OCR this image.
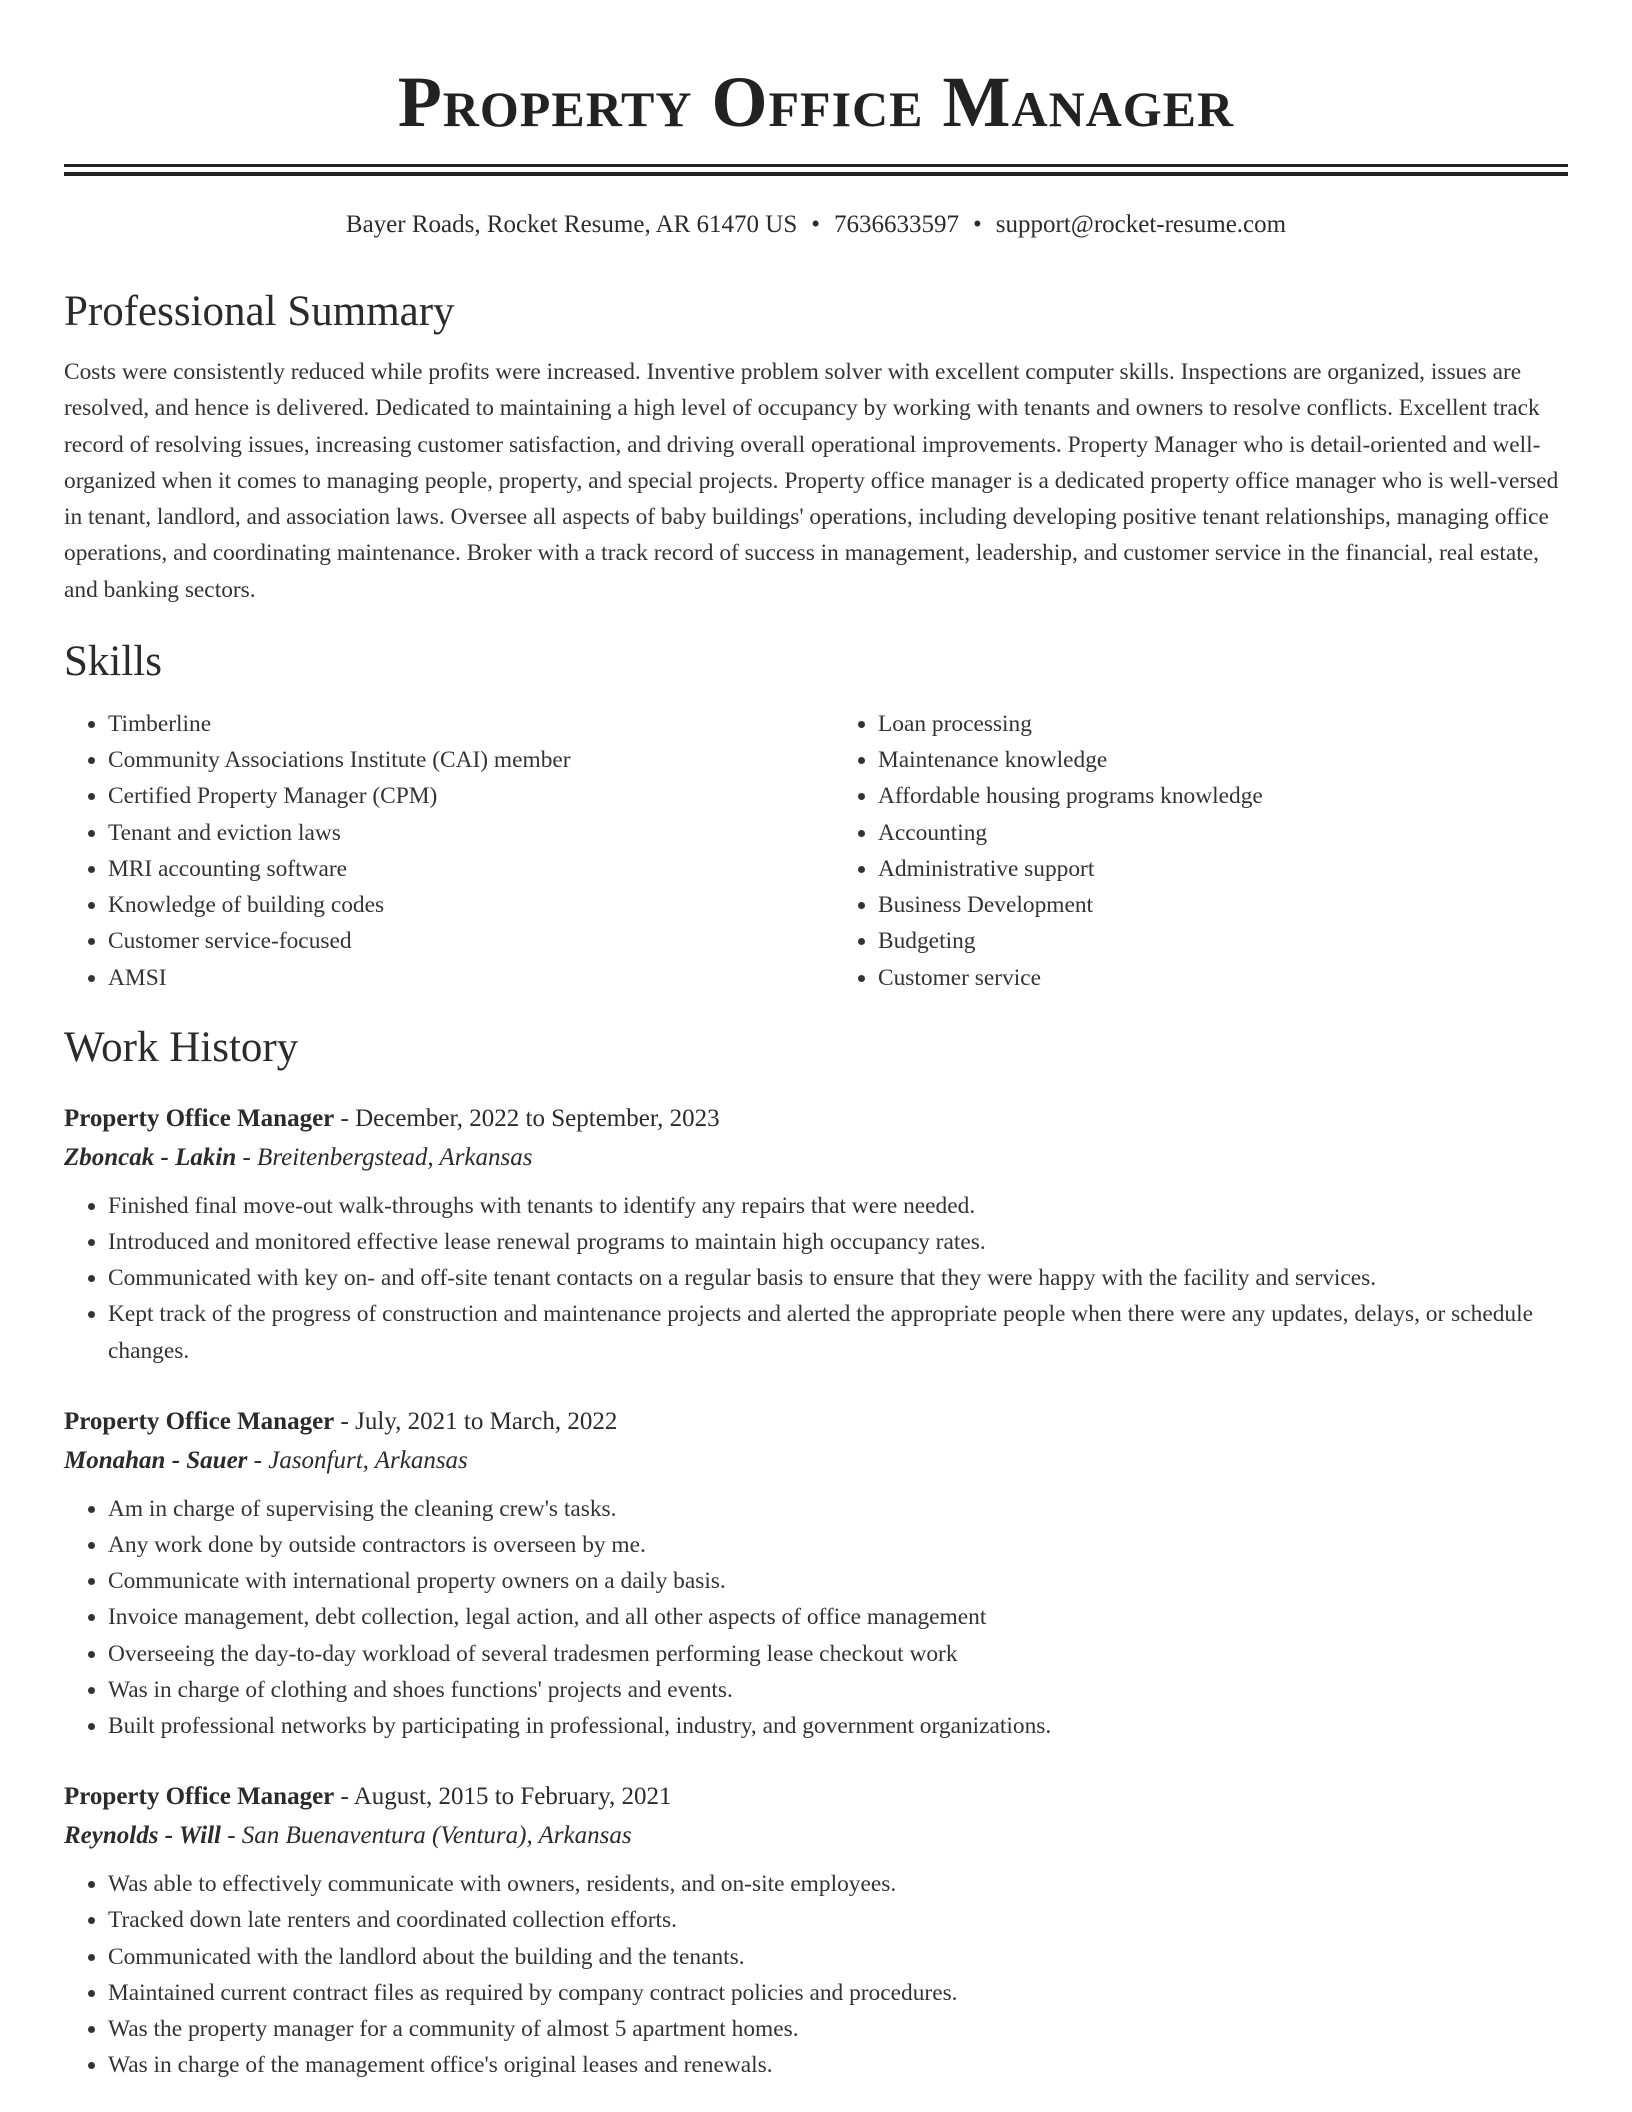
Property Office Manager
Bayer Roads, Rocket Resume, AR 61470 US • 7636633597 • support@rocket-resume.com
Professional Summary

Costs were consistently reduced while profits were increased. Inventive problem solver with excellent computer skills. Inspections are organized, issues are resolved, and hence is delivered. Dedicated to maintaining a high level of occupancy by working with tenants and owners to resolve conflicts. Excellent track record of resolving issues, increasing customer satisfaction, and driving overall operational improvements. Property Manager who is detail-oriented and well-organized when it comes to managing people, property, and special projects. Property office manager is a dedicated property office manager who is well-versed in tenant, landlord, and association laws. Oversee all aspects of baby buildings' operations, including developing positive tenant relationships, managing office operations, and coordinating maintenance. Broker with a track record of success in management, leadership, and customer service in the financial, real estate, and banking sectors.

Skills
• Timberline
• Community Associations Institute (CAI) member
• Certified Property Manager (CPM)
• Tenant and eviction laws
• MRI accounting software
• Knowledge of building codes
• Customer service-focused
• AMSI
• Loan processing
• Maintenance knowledge
• Affordable housing programs knowledge
• Accounting
• Administrative support
• Business Development
• Budgeting
• Customer service
Work History
Property Office Manager - December, 2022 to September, 2023
Zboncak - Lakin - Breitenbergstead, Arkansas
• Finished final move-out walk-throughs with tenants to identify any repairs that were needed.
• Introduced and monitored effective lease renewal programs to maintain high occupancy rates.
• Communicated with key on- and off-site tenant contacts on a regular basis to ensure that they were happy with the facility and services.
• Kept track of the progress of construction and maintenance projects and alerted the appropriate people when there were any updates, delays, or schedule changes.
Property Office Manager - July, 2021 to March, 2022
Monahan - Sauer - Jasonfurt, Arkansas
• Am in charge of supervising the cleaning crew's tasks.
• Any work done by outside contractors is overseen by me.
• Communicate with international property owners on a daily basis.
• Invoice management, debt collection, legal action, and all other aspects of office management
• Overseeing the day-to-day workload of several tradesmen performing lease checkout work
• Was in charge of clothing and shoes functions' projects and events.
• Built professional networks by participating in professional, industry, and government organizations.
Property Office Manager - August, 2015 to February, 2021
Reynolds - Will - San Buenaventura (Ventura), Arkansas
• Was able to effectively communicate with owners, residents, and on-site employees.
• Tracked down late renters and coordinated collection efforts.
• Communicated with the landlord about the building and the tenants.
• Maintained current contract files as required by company contract policies and procedures.
• Was the property manager for a community of almost 5 apartment homes.
• Was in charge of the management office's original leases and renewals.
